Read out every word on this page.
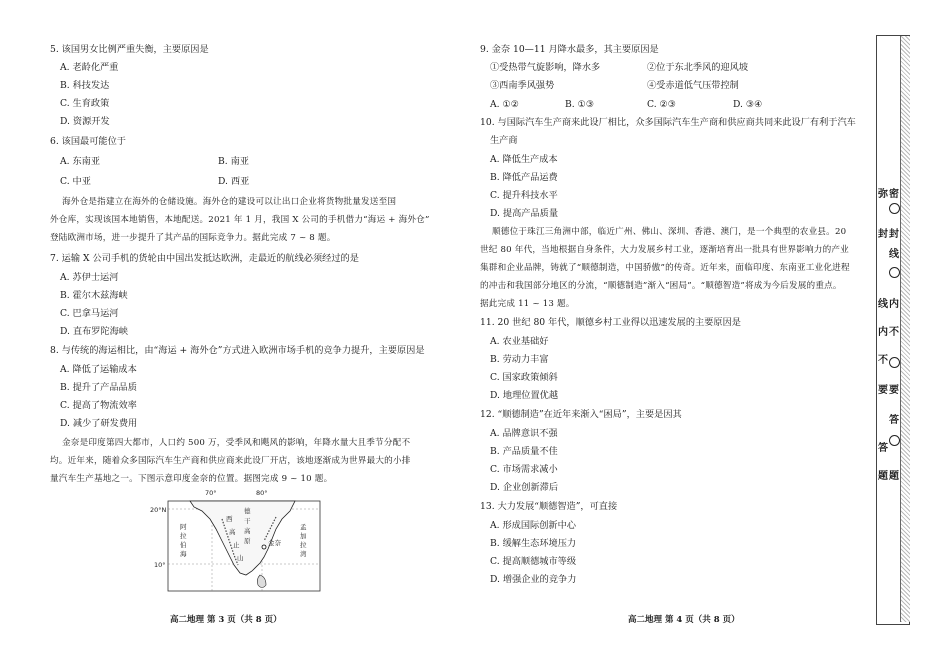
5. 该国男女比例严重失衡，主要原因是
A. 老龄化严重
B. 科技发达
C. 生育政策
D. 资源开发
6. 该国最可能位于
A. 东南亚	B. 南亚
C. 中亚	D. 西亚
海外仓是指建立在海外的仓储设施。海外仓的建设可以让出口企业将货物批量发送至国
外仓库，实现该国本地销售，本地配送。2021 年 1 月，我国 X 公司的手机借力“海运 + 海外仓”
登陆欧洲市场，进一步提升了其产品的国际竞争力。据此完成 7 ~ 8 题。
7. 运输 X 公司手机的货轮由中国出发抵达欧洲，走最近的航线必须经过的是
A. 苏伊士运河
B. 霍尔木兹海峡
C. 巴拿马运河
D. 直布罗陀海峡
8. 与传统的海运相比，由“海运 + 海外仓”方式进入欧洲市场手机的竞争力提升，主要原因是
A. 降低了运输成本
B. 提升了产品品质
C. 提高了物流效率
D. 减少了研发费用
金奈是印度第四大都市，人口约 500 万，受季风和飓风的影响，年降水量大且季节分配不
均。近年来，随着众多国际汽车生产商和供应商来此设厂开店，该地逐渐成为世界最大的小排
量汽车生产基地之一。下图示意印度金奈的位置。据图完成 9 ~ 10 题。
70°	80°
20°N
10°
阿
拉
伯
海
孟
加
拉
湾
西
高
止
山
德
干
高
原	金奈
9. 金奈 10—11 月降水最多，其主要原因是
①受热带气旋影响，降水多	②位于东北季风的迎风坡
③西南季风强势	④受赤道低气压带控制
A. ①②	B. ①③	C. ②③	D. ③④
10. 与国际汽车生产商来此设厂相比，众多国际汽车生产商和供应商共同来此设厂有利于汽车
生产商
A. 降低生产成本
B. 降低产品运费
C. 提升科技水平
D. 提高产品质量
顺德位于珠江三角洲中部，临近广州、佛山、深圳、香港、澳门，是一个典型的农业县。20
世纪 80 年代，当地根据自身条件，大力发展乡村工业，逐渐培育出一批具有世界影响力的产业
集群和企业品牌，铸就了“顺德制造，中国骄傲”的传奇。近年来，面临印度、东南亚工业化进程
的冲击和我国部分地区的分流，“顺德制造”渐入“困局”。“顺德智造”将成为今后发展的重点。
据此完成 11 ~ 13 题。
11. 20 世纪 80 年代，顺德乡村工业得以迅速发展的主要原因是
A. 农业基础好
B. 劳动力丰富
C. 国家政策倾斜
D. 地理位置优越
12. “顺德制造”在近年来渐入“困局”，主要是因其
A. 品牌意识不强
B. 产品质量不佳
C. 市场需求减小
D. 企业创新滞后
13. 大力发展“顺德智造”，可直接
A. 形成国际创新中心
B. 缓解生态环境压力
C. 提高顺德城市等级
D. 增强企业的竞争力
高二地理 第 3 页（共 8 页）	高二地理 第 4 页（共 8 页）
弥
封
线
内
不
要
答
题
密
封
线
内
不
要
答
题
